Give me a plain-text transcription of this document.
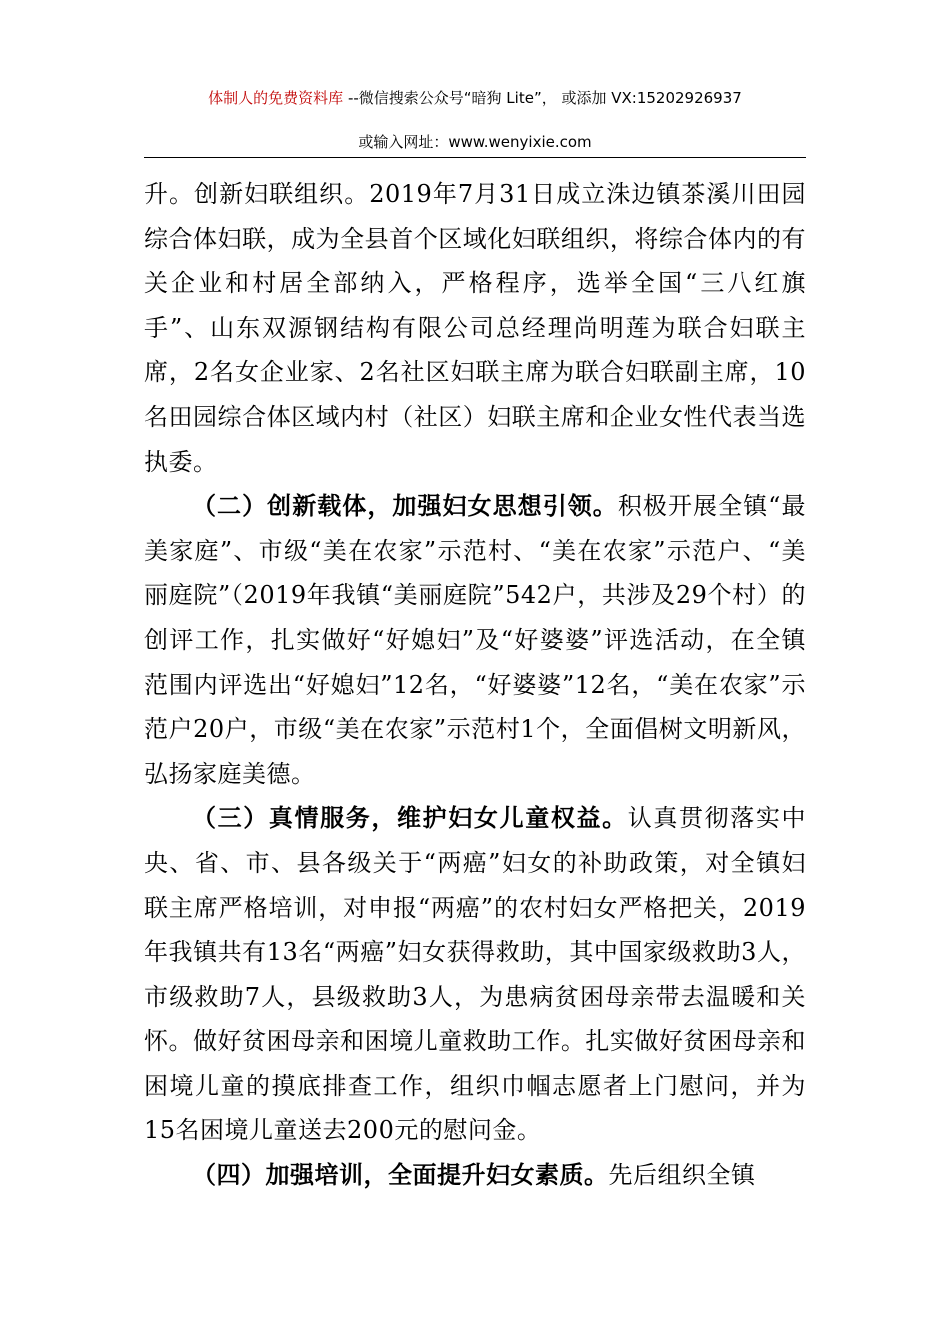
体制人的免费资料库 --微信搜索公众号“暗狗 Lite”， 或添加 VX:15202926937
或输入网址：www.wenyixie.com

升。创新妇联组织。2019年7月31日成立洙边镇茶溪川田园综合体妇联，成为全县首个区域化妇联组织，将综合体内的有关企业和村居全部纳入，严格程序，选举全国“三八红旗手”、山东双源钢结构有限公司总经理尚明莲为联合妇联主席，2名女企业家、2名社区妇联主席为联合妇联副主席，10名田园综合体区域内村（社区）妇联主席和企业女性代表当选执委。

（二）创新载体，加强妇女思想引领。积极开展全镇“最美家庭”、市级“美在农家”示范村、“美在农家”示范户、“美丽庭院”（2019年我镇“美丽庭院”542户，共涉及29个村）的创评工作，扎实做好“好媳妇”及“好婆婆”评选活动，在全镇范围内评选出“好媳妇”12名，“好婆婆”12名，“美在农家”示范户20户，市级“美在农家”示范村1个，全面倡树文明新风，弘扬家庭美德。

（三）真情服务，维护妇女儿童权益。认真贯彻落实中央、省、市、县各级关于“两癌”妇女的补助政策，对全镇妇联主席严格培训，对申报“两癌”的农村妇女严格把关，2019年我镇共有13名“两癌”妇女获得救助，其中国家级救助3人，市级救助7人，县级救助3人，为患病贫困母亲带去温暖和关怀。做好贫困母亲和困境儿童救助工作。扎实做好贫困母亲和困境儿童的摸底排查工作，组织巾帼志愿者上门慰问，并为15名困境儿童送去200元的慰问金。

（四）加强培训，全面提升妇女素质。先后组织全镇
